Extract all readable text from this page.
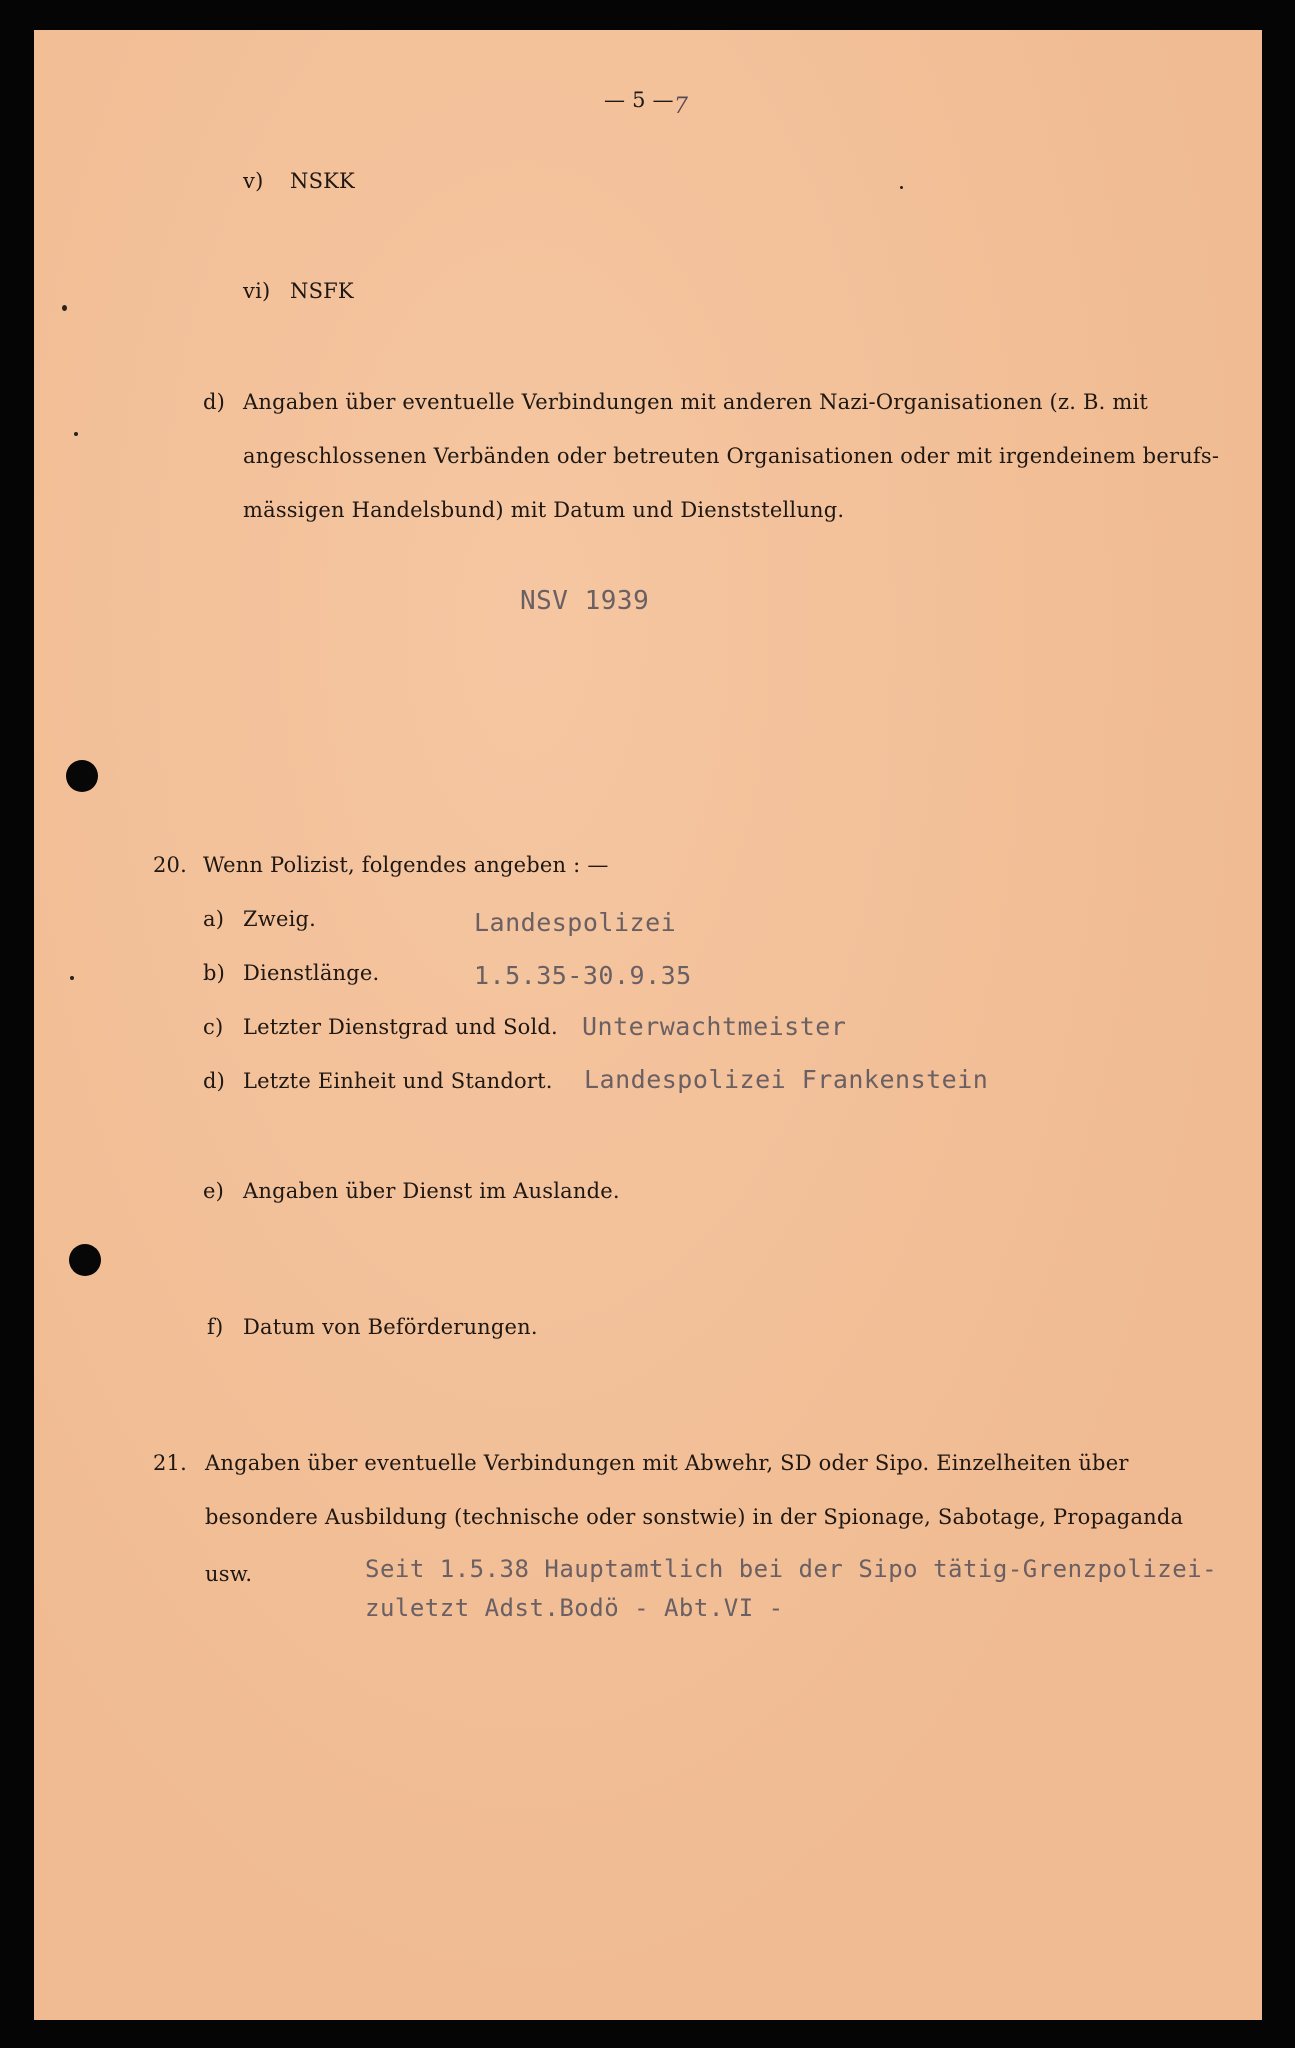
— 5 — 7
v) NSKK
vi) NSFK
d) Angaben über eventuelle Verbindungen mit anderen Nazi-Organisationen (z. B. mit
angeschlossenen Verbänden oder betreuten Organisationen oder mit irgendeinem berufs-
mässigen Handelsbund) mit Datum und Dienststellung.
NSV 1939
20. Wenn Polizist, folgendes angeben : —
a) Zweig.	Landespolizei
b) Dienstlänge.	1.5.35-30.9.35
c) Letzter Dienstgrad und Sold. Unterwachtmeister
d) Letzte Einheit und Standort. Landespolizei Frankenstein
e) Angaben über Dienst im Auslande.
f) Datum von Beförderungen.
21. Angaben über eventuelle Verbindungen mit Abwehr, SD oder Sipo. Einzelheiten über
besondere Ausbildung (technische oder sonstwie) in der Spionage, Sabotage, Propaganda
usw.	Seit 1.5.38 Hauptamtlich bei der Sipo tätig-Grenzpolizei-
zuletzt Adst.Bodö - Abt.VI -
